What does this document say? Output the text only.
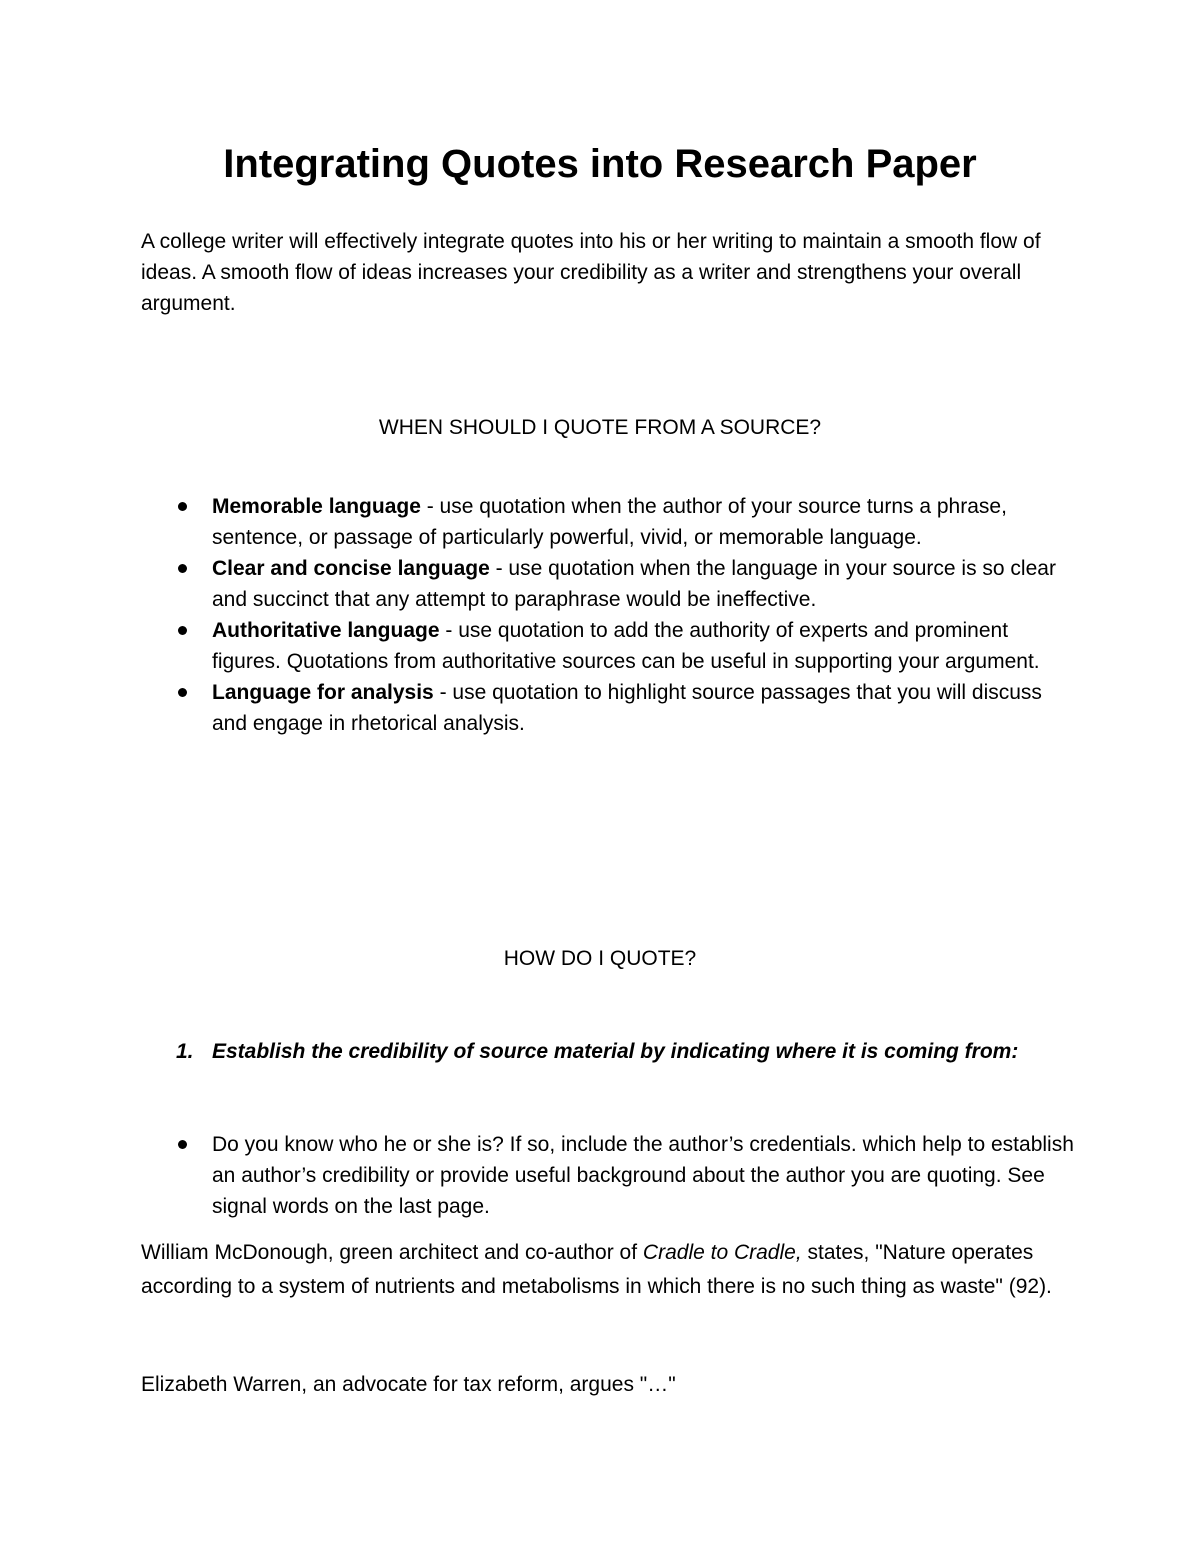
Integrating Quotes into Research Paper

A college writer will effectively integrate quotes into his or her writing to maintain a smooth flow of ideas. A smooth flow of ideas increases your credibility as a writer and strengthens your overall argument.

WHEN SHOULD I QUOTE FROM A SOURCE?
Memorable language - use quotation when the author of your source turns a phrase, sentence, or passage of particularly powerful, vivid, or memorable language.
Clear and concise language - use quotation when the language in your source is so clear and succinct that any attempt to paraphrase would be ineffective.
Authoritative language - use quotation to add the authority of experts and prominent figures. Quotations from authoritative sources can be useful in supporting your argument.
Language for analysis - use quotation to highlight source passages that you will discuss and engage in rhetorical analysis.
HOW DO I QUOTE?

1. Establish the credibility of source material by indicating where it is coming from:

Do you know who he or she is? If so, include the author’s credentials. which help to establish an author’s credibility or provide useful background about the author you are quoting. See signal words on the last page.

William McDonough, green architect and co-author of Cradle to Cradle, states, "Nature operates according to a system of nutrients and metabolisms in which there is no such thing as waste" (92).

Elizabeth Warren, an advocate for tax reform, argues "…"
